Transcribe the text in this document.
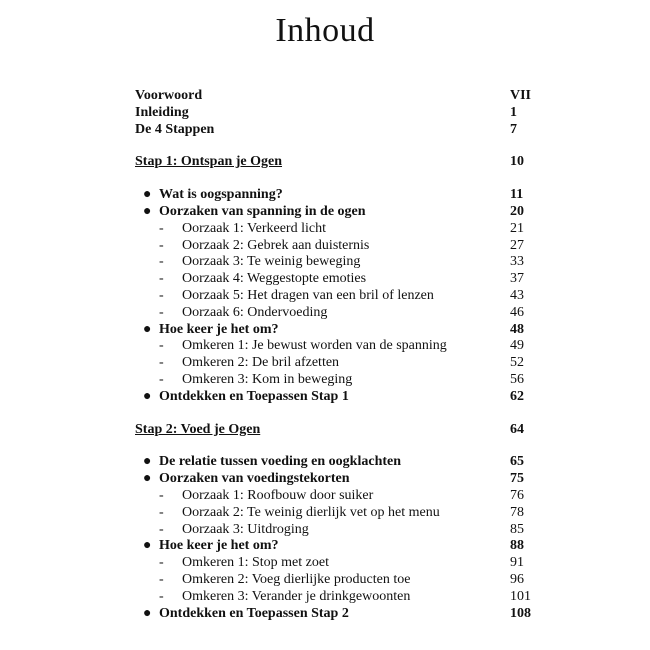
Inhoud
Voorwoord	VII
Inleiding	1
De 4 Stappen	7
Stap 1: Ontspan je Ogen	10
● Wat is oogspanning?	11
● Oorzaken van spanning in de ogen	20
- Oorzaak 1: Verkeerd licht	21
- Oorzaak 2: Gebrek aan duisternis	27
- Oorzaak 3: Te weinig beweging	33
- Oorzaak 4: Weggestopte emoties	37
- Oorzaak 5: Het dragen van een bril of lenzen	43
- Oorzaak 6: Ondervoeding	46
● Hoe keer je het om?	48
- Omkeren 1: Je bewust worden van de spanning	49
- Omkeren 2: De bril afzetten	52
- Omkeren 3: Kom in beweging	56
● Ontdekken en Toepassen Stap 1	62
Stap 2: Voed je Ogen	64
● De relatie tussen voeding en oogklachten	65
● Oorzaken van voedingstekorten	75
- Oorzaak 1: Roofbouw door suiker	76
- Oorzaak 2: Te weinig dierlijk vet op het menu	78
- Oorzaak 3: Uitdroging	85
● Hoe keer je het om?	88
- Omkeren 1: Stop met zoet	91
- Omkeren 2: Voeg dierlijke producten toe	96
- Omkeren 3: Verander je drinkgewoonten	101
● Ontdekken en Toepassen Stap 2	108
